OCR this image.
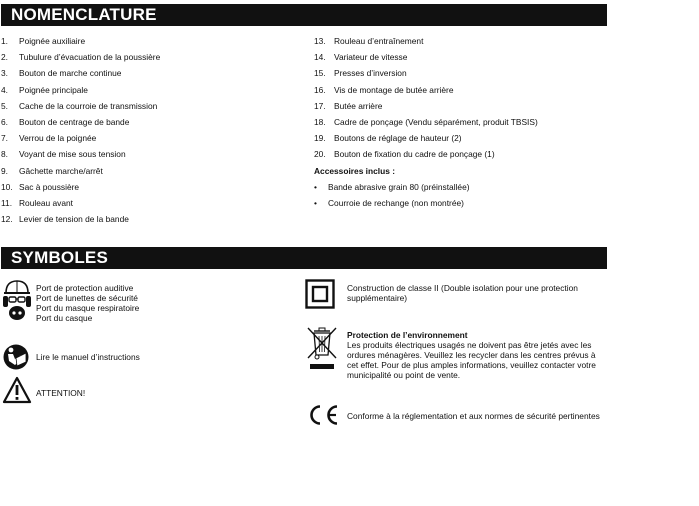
NOMENCLATURE
1. Poignée auxiliaire
2. Tubulure d’évacuation de la poussière
3. Bouton de marche continue
4. Poignée principale
5. Cache de la courroie de transmission
6. Bouton de centrage de bande
7. Verrou de la poignée
8. Voyant de mise sous tension
9. Gâchette marche/arrêt
10. Sac à poussière
11. Rouleau avant
12. Levier de tension de la bande
13. Rouleau d’entraînement
14. Variateur de vitesse
15. Presses d’inversion
16. Vis de montage de butée arrière
17. Butée arrière
18. Cadre de ponçage (Vendu séparément, produit TBSIS)
19. Boutons de réglage de hauteur (2)
20. Bouton de fixation du cadre de ponçage (1)
Accessoires inclus :
• Bande abrasive grain 80 (préinstallée)
• Courroie de rechange (non montrée)
SYMBOLES
Port de protection auditive
Port de lunettes de sécurité
Port du masque respiratoire
Port du casque
Lire le manuel d’instructions
ATTENTION!
Construction de classe II (Double isolation pour une protection
supplémentaire)
Protection de l’environnement
Les produits électriques usagés ne doivent pas être jetés avec les
ordures ménagères. Veuillez les recycler dans les centres prévus à
cet effet. Pour de plus amples informations, veuillez contacter votre
municipalité ou point de vente.
Conforme à la réglementation et aux normes de sécurité pertinentes
